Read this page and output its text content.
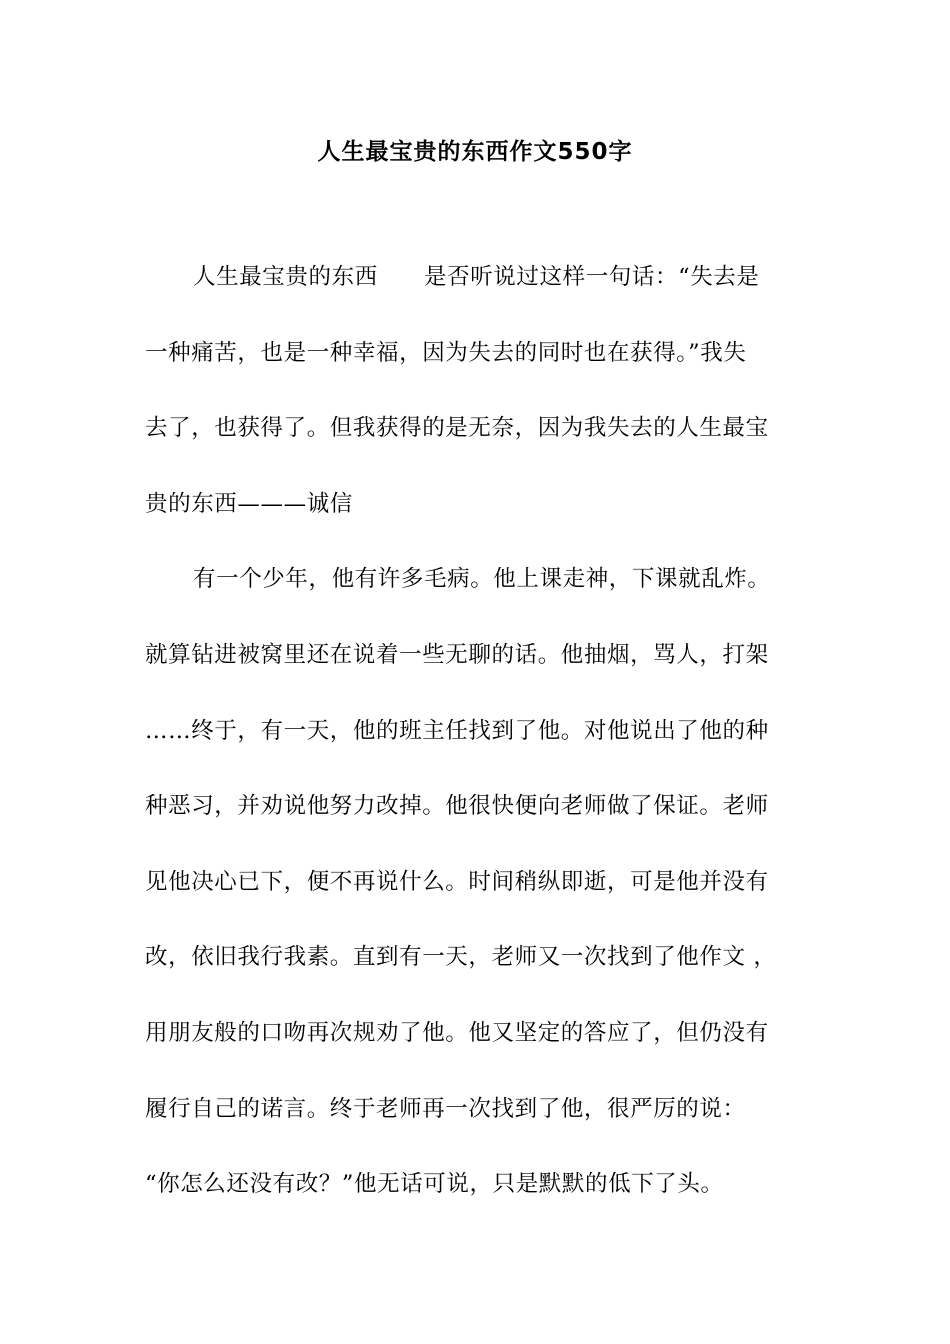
人生最宝贵的东西作文550字
人生最宝贵的东西　　是否听说过这样一句话：“失去是
一种痛苦，也是一种幸福，因为失去的同时也在获得。”我失
去了，也获得了。但我获得的是无奈，因为我失去的人生最宝
贵的东西———诚信
有一个少年，他有许多毛病。他上课走神，下课就乱炸。
就算钻进被窝里还在说着一些无聊的话。他抽烟，骂人，打架
……终于，有一天，他的班主任找到了他。对他说出了他的种
种恶习，并劝说他努力改掉。他很快便向老师做了保证。老师
见他决心已下，便不再说什么。时间稍纵即逝，可是他并没有
改，依旧我行我素。直到有一天，老师又一次找到了他作文 ，
用朋友般的口吻再次规劝了他。他又坚定的答应了，但仍没有
履行自己的诺言。终于老师再一次找到了他，很严厉的说：
“你怎么还没有改？”他无话可说，只是默默的低下了头。
